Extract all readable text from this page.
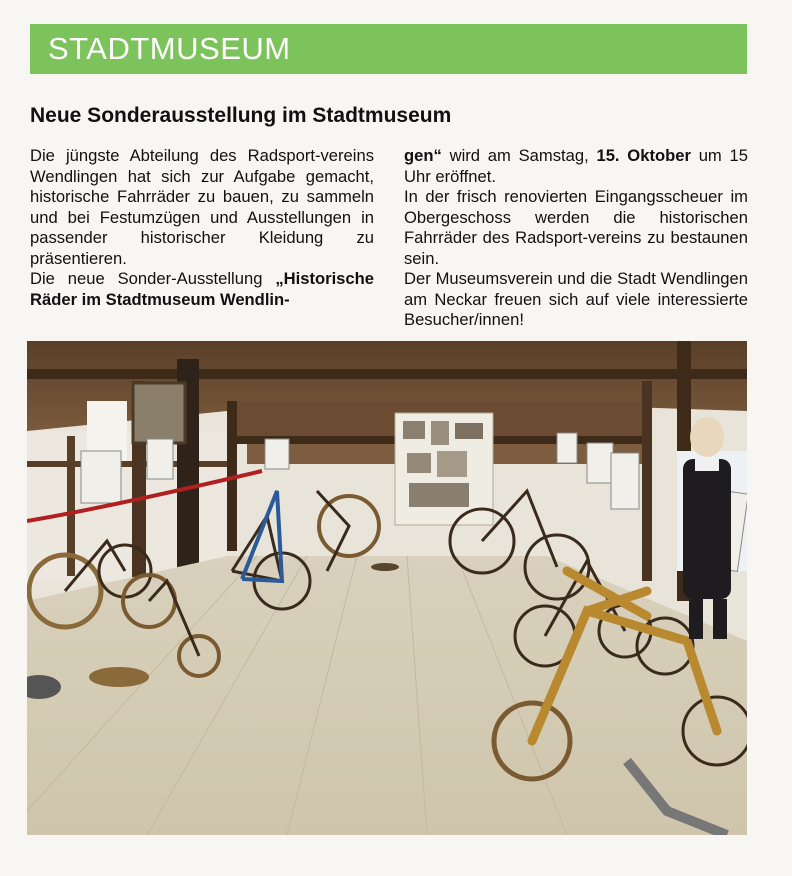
STADTMUSEUM
Neue Sonderausstellung im Stadtmuseum

Die jüngste Abteilung des Radsport-vereins Wendlingen hat sich zur Aufgabe gemacht, historische Fahrräder zu bauen, zu sammeln und bei Festumzügen und Ausstellungen in passender historischer Kleidung zu präsentieren.

Die neue Sonder-Ausstellung „Historische Räder im Stadtmuseum Wendlin-

gen“ wird am Samstag, 15. Oktober um 15 Uhr eröffnet.

In der frisch renovierten Eingangsscheuer im Obergeschoss werden die historischen Fahrräder des Radsport-vereins zu bestaunen sein.

Der Museumsverein und die Stadt Wendlingen am Neckar freuen sich auf viele interessierte Besucher/innen!
